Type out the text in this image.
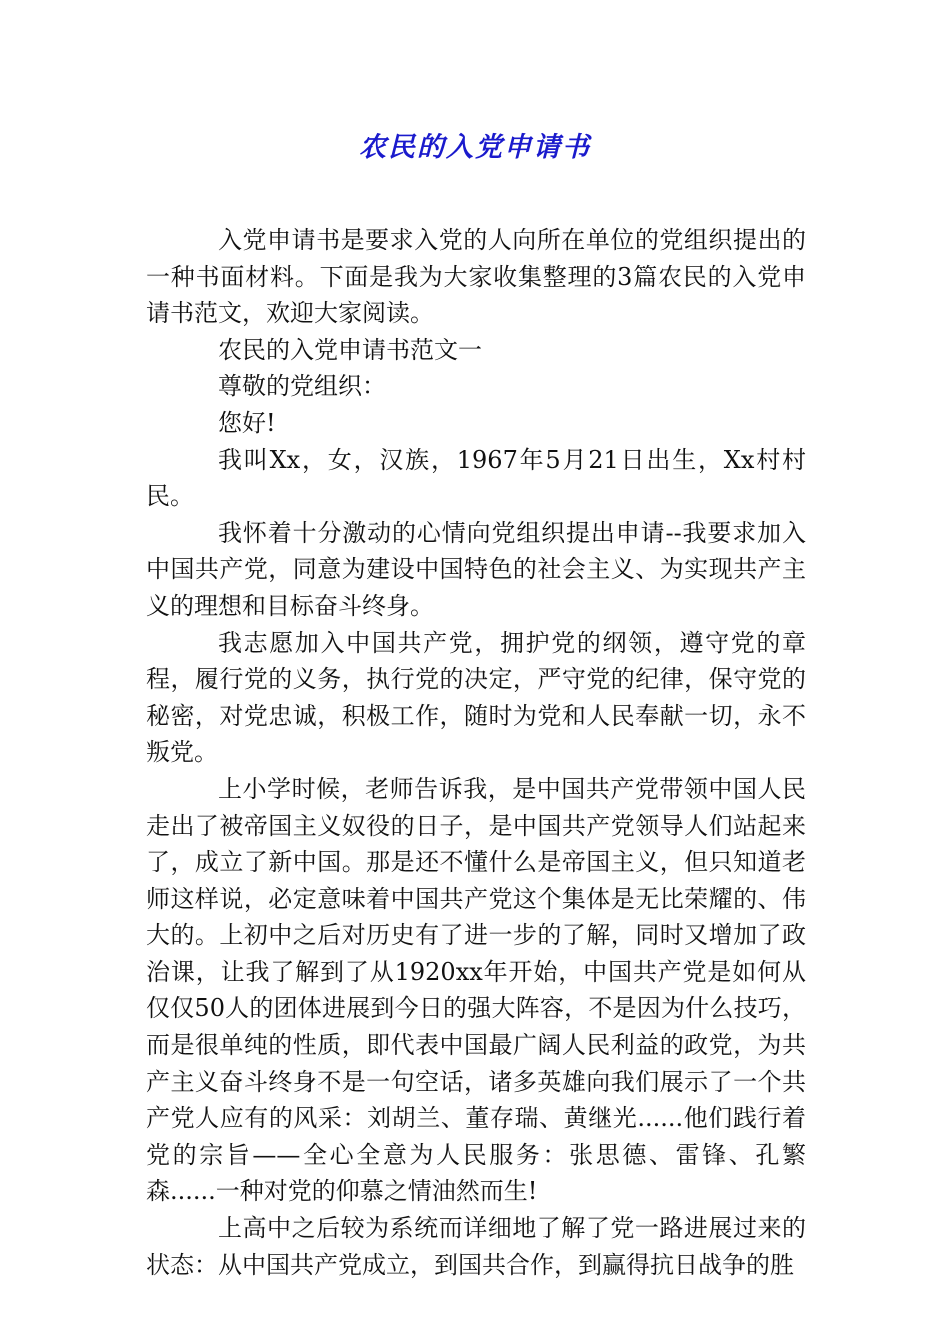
农民的入党申请书

入党申请书是要求入党的人向所在单位的党组织提出的一种书面材料。下面是我为大家收集整理的3篇农民的入党申请书范文，欢迎大家阅读。

农民的入党申请书范文一

尊敬的党组织：

您好!

我叫Xx，女，汉族，1967年5月21日出生，Xx村村民。

我怀着十分激动的心情向党组织提出申请--我要求加入中国共产党，同意为建设中国特色的社会主义、为实现共产主义的理想和目标奋斗终身。

我志愿加入中国共产党，拥护党的纲领，遵守党的章程，履行党的义务，执行党的决定，严守党的纪律，保守党的秘密，对党忠诚，积极工作，随时为党和人民奉献一切，永不叛党。

上小学时候，老师告诉我，是中国共产党带领中国人民走出了被帝国主义奴役的日子，是中国共产党领导人们站起来了，成立了新中国。那是还不懂什么是帝国主义，但只知道老师这样说，必定意味着中国共产党这个集体是无比荣耀的、伟大的。上初中之后对历史有了进一步的了解，同时又增加了政治课，让我了解到了从1920xx年开始，中国共产党是如何从仅仅50人的团体进展到今日的强大阵容，不是因为什么技巧，而是很单纯的性质，即代表中国最广阔人民利益的政党，为共产主义奋斗终身不是一句空话，诸多英雄向我们展示了一个共产党人应有的风采：刘胡兰、董存瑞、黄继光......他们践行着党的宗旨——全心全意为人民服务：张思德、雷锋、孔繁森......一种对党的仰慕之情油然而生!

上高中之后较为系统而详细地了解了党一路进展过来的状态：从中国共产党成立，到国共合作，到赢得抗日战争的胜
